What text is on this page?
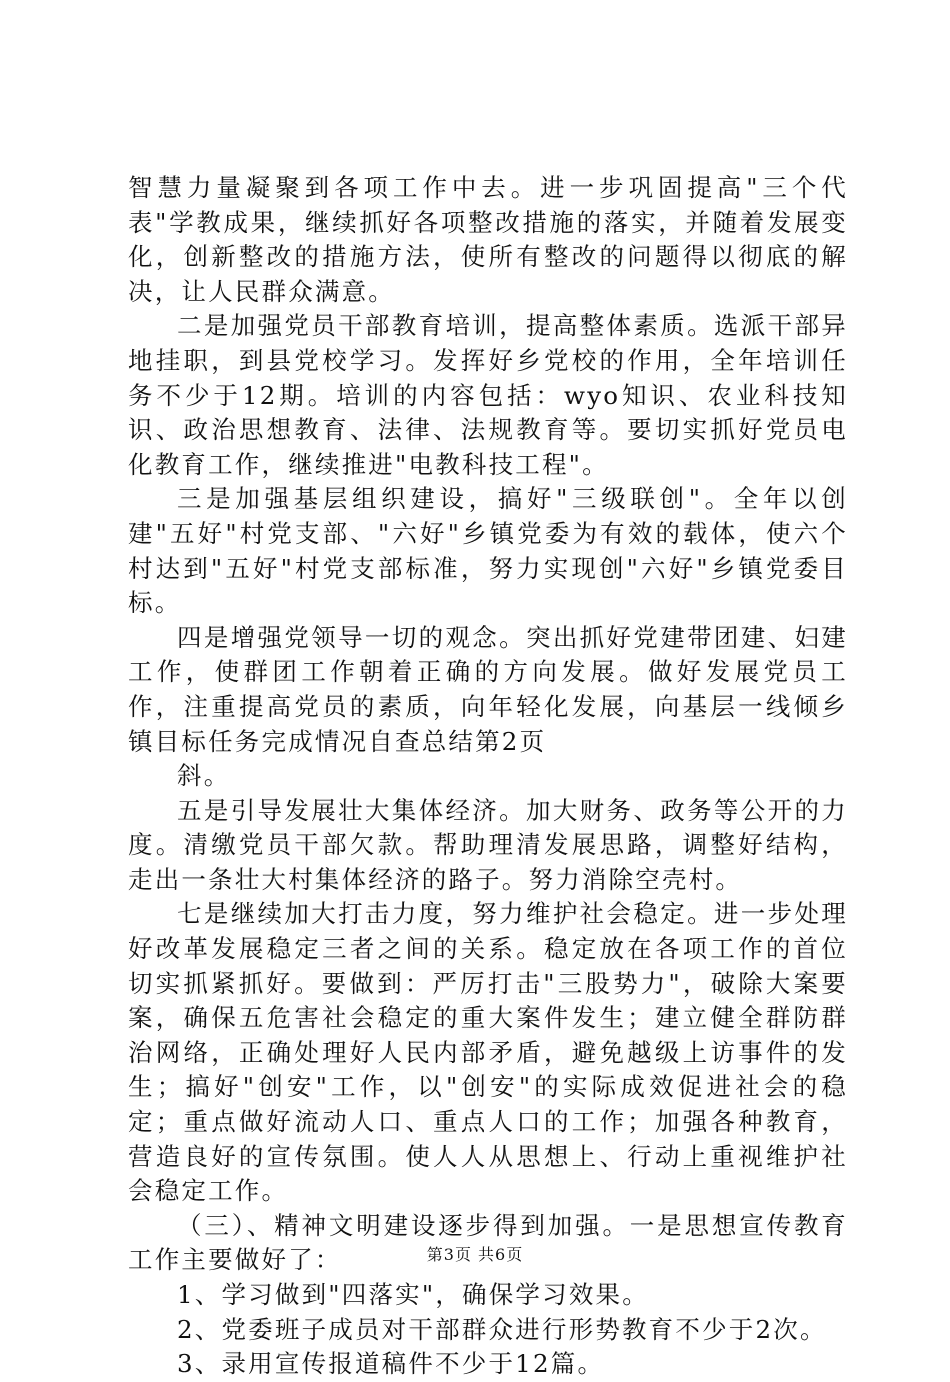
智慧力量凝聚到各项工作中去。进一步巩固提高"三个代表"学教成果，继续抓好各项整改措施的落实，并随着发展变化，创新整改的措施方法，使所有整改的问题得以彻底的解决，让人民群众满意。

二是加强党员干部教育培训，提高整体素质。选派干部异地挂职，到县党校学习。发挥好乡党校的作用，全年培训任务不少于12期。培训的内容包括：wyo知识、农业科技知识、政治思想教育、法律、法规教育等。要切实抓好党员电化教育工作，继续推进"电教科技工程"。

三是加强基层组织建设，搞好"三级联创"。全年以创建"五好"村党支部、"六好"乡镇党委为有效的载体，使六个村达到"五好"村党支部标准，努力实现创"六好"乡镇党委目标。

四是增强党领导一切的观念。突出抓好党建带团建、妇建工作，使群团工作朝着正确的方向发展。做好发展党员工作，注重提高党员的素质，向年轻化发展，向基层一线倾乡镇目标任务完成情况自查总结第2页

斜。

五是引导发展壮大集体经济。加大财务、政务等公开的力度。清缴党员干部欠款。帮助理清发展思路，调整好结构，走出一条壮大村集体经济的路子。努力消除空壳村。

七是继续加大打击力度，努力维护社会稳定。进一步处理好改革发展稳定三者之间的关系。稳定放在各项工作的首位切实抓紧抓好。要做到：严厉打击"三股势力"，破除大案要案，确保五危害社会稳定的重大案件发生；建立健全群防群治网络，正确处理好人民内部矛盾，避免越级上访事件的发生；搞好"创安"工作，以"创安"的实际成效促进社会的稳定；重点做好流动人口、重点人口的工作；加强各种教育，营造良好的宣传氛围。使人人从思想上、行动上重视维护社会稳定工作。

（三）、精神文明建设逐步得到加强。一是思想宣传教育工作主要做好了：

1、学习做到"四落实"，确保学习效果。

2、党委班子成员对干部群众进行形势教育不少于2次。

3、录用宣传报道稿件不少于12篇。

第3页 共6页
